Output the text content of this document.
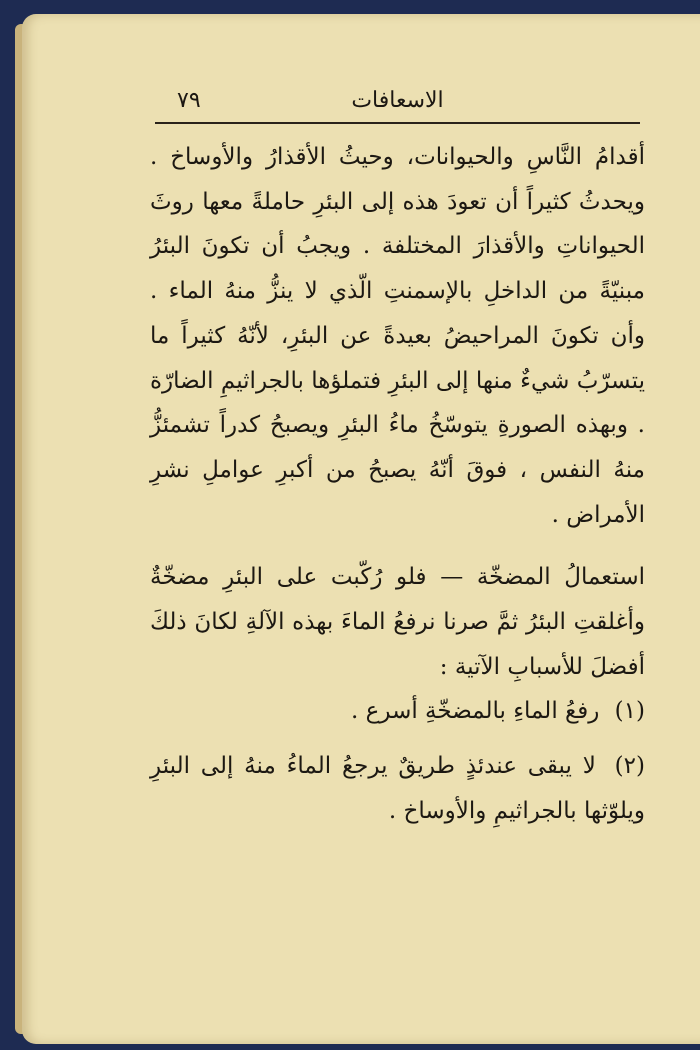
الاسعافات
٧٩

أقدامُ النَّاسِ والحيوانات، وحيثُ الأقذارُ والأوساخ . ويحدثُ كثيراً أن تعودَ هذه إلى البئرِ حاملةً معها روثَ الحيواناتِ والأقذارَ المختلفة . ويجبُ أن تكونَ البئرُ مبنيّةً من الداخلِ بالإسمنتِ الّذي لا ينزُّ منهُ الماء . وأن تكونَ المراحيضُ بعيدةً عن البئرِ، لأنّهُ كثيراً ما يتسرّبُ شيءٌ منها إلى البئرِ فتملؤها بالجراثيمِ الضارّة . وبهذه الصورةِ يتوسّخُ ماءُ البئرِ ويصبحُ كدراً تشمئزُّ منهُ النفس ، فوقَ أنّهُ يصبحُ من أكبرِ عواملِ نشرِ الأمراض .

استعمالُ المضخّة — فلو رُكّبت على البئرِ مضخّةٌ وأغلقتِ البئرُ ثمَّ صرنا نرفعُ الماءَ بهذه الآلةِ لكانَ ذلكَ أفضلَ للأسبابِ الآتية :

(١) رفعُ الماءِ بالمضخّةِ أسرع .

(٢) لا يبقى عندئذٍ طريقٌ يرجعُ الماءُ منهُ إلى البئرِ ويلوّثها بالجراثيمِ والأوساخ .
